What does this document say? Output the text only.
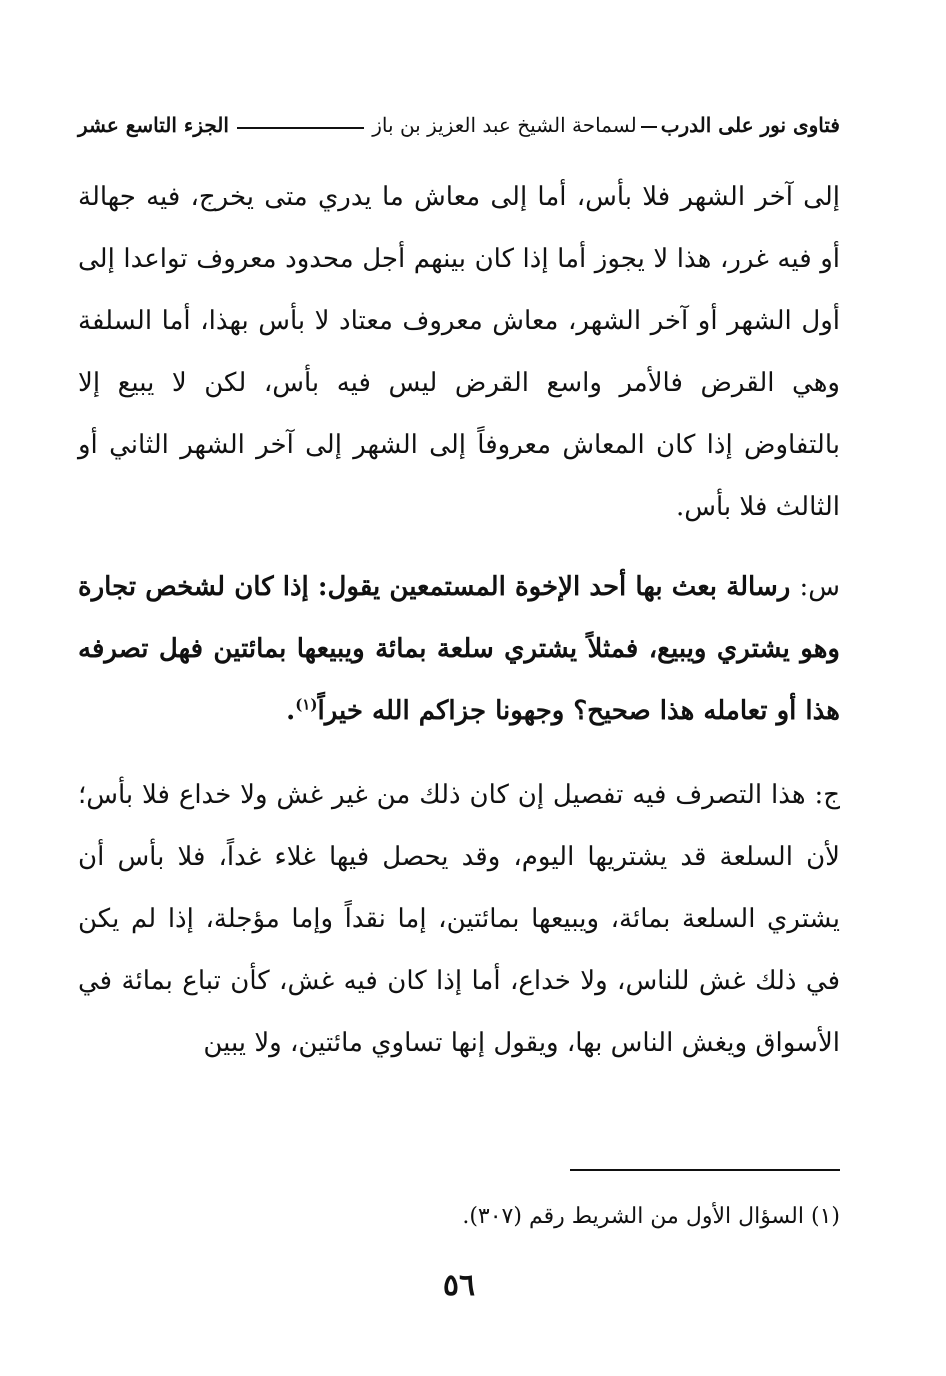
فتاوى نور على الدرب
لسماحة الشيخ عبد العزيز بن باز
الجزء التاسع عشر

إلى آخر الشهر فلا بأس، أما إلى معاش ما يدري متى يخرج، فيه جهالة أو فيه غرر، هذا لا يجوز أما إذا كان بينهم أجل محدود معروف تواعدا إلى أول الشهر أو آخر الشهر، معاش معروف معتاد لا بأس بهذا، أما السلفة وهي القرض فالأمر واسع القرض ليس فيه بأس، لكن لا يبيع إلا بالتفاوض إذا كان المعاش معروفاً إلى الشهر إلى آخر الشهر الثاني أو الثالث فلا بأس.

س: رسالة بعث بها أحد الإخوة المستمعين يقول: إذا كان لشخص تجارة وهو يشتري ويبيع، فمثلاً يشتري سلعة بمائة ويبيعها بمائتين فهل تصرفه هذا أو تعامله هذا صحيح؟ وجهونا جزاكم الله خيراً$^{(١)}$.

ج: هذا التصرف فيه تفصيل إن كان ذلك من غير غش ولا خداع فلا بأس؛ لأن السلعة قد يشتريها اليوم، وقد يحصل فيها غلاء غداً، فلا بأس أن يشتري السلعة بمائة، ويبيعها بمائتين، إما نقداً وإما مؤجلة، إذا لم يكن في ذلك غش للناس، ولا خداع، أما إذا كان فيه غش، كأن تباع بمائة في الأسواق ويغش الناس بها، ويقول إنها تساوي مائتين، ولا يبين

(١) السؤال الأول من الشريط رقم (٣٠٧).
٥٦
